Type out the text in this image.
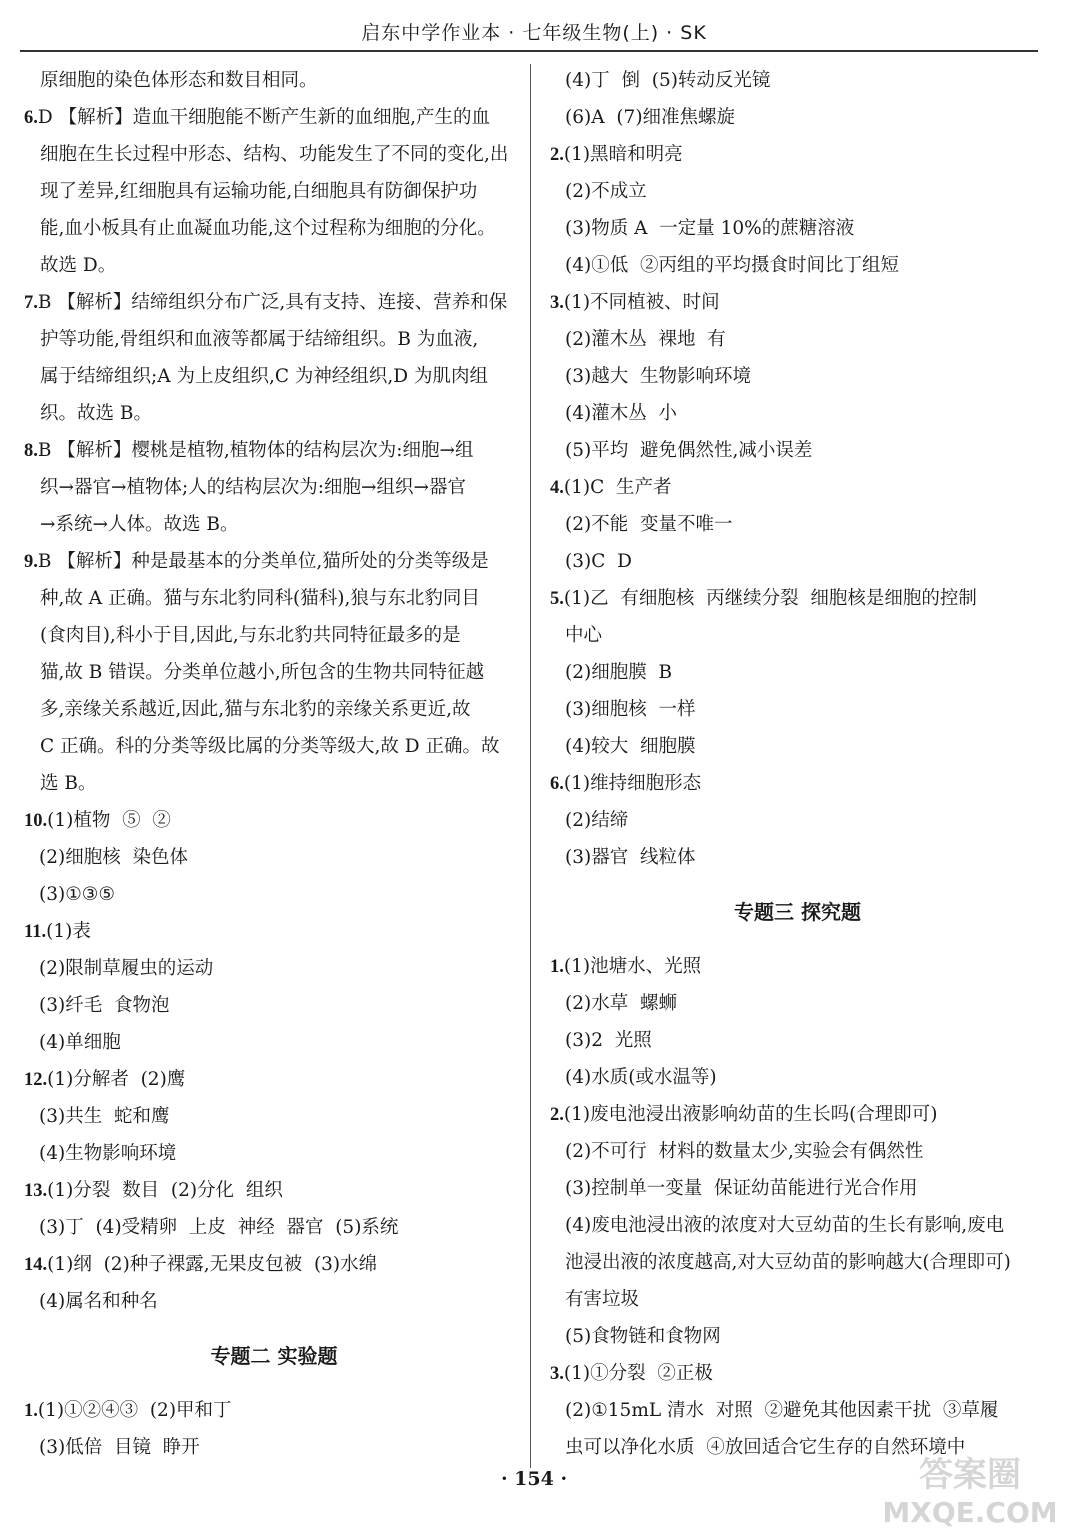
启东中学作业本 · 七年级生物(上) · SK
原细胞的染色体形态和数目相同。
6.D 【解析】造血干细胞能不断产生新的血细胞,产生的血
细胞在生长过程中形态、结构、功能发生了不同的变化,出
现了差异,红细胞具有运输功能,白细胞具有防御保护功
能,血小板具有止血凝血功能,这个过程称为细胞的分化。
故选 D。
7.B 【解析】结缔组织分布广泛,具有支持、连接、营养和保
护等功能,骨组织和血液等都属于结缔组织。B 为血液,
属于结缔组织;A 为上皮组织,C 为神经组织,D 为肌肉组
织。故选 B。
8.B 【解析】樱桃是植物,植物体的结构层次为:细胞→组
织→器官→植物体;人的结构层次为:细胞→组织→器官
→系统→人体。故选 B。
9.B 【解析】种是最基本的分类单位,猫所处的分类等级是
种,故 A 正确。猫与东北豹同科(猫科),狼与东北豹同目
(食肉目),科小于目,因此,与东北豹共同特征最多的是
猫,故 B 错误。分类单位越小,所包含的生物共同特征越
多,亲缘关系越近,因此,猫与东北豹的亲缘关系更近,故
C 正确。科的分类等级比属的分类等级大,故 D 正确。故
选 B。
10.(1)植物  ⑤  ②
(2)细胞核  染色体
(3)①③⑤
11.(1)表
(2)限制草履虫的运动
(3)纤毛  食物泡
(4)单细胞
12.(1)分解者  (2)鹰
(3)共生  蛇和鹰
(4)生物影响环境
13.(1)分裂  数目  (2)分化  组织
(3)丁  (4)受精卵  上皮  神经  器官  (5)系统
14.(1)纲  (2)种子裸露,无果皮包被  (3)水绵
(4)属名和种名
专题二 实验题
1.(1)①②④③  (2)甲和丁
(3)低倍  目镜  睁开
(4)丁  倒  (5)转动反光镜
(6)A  (7)细准焦螺旋
2.(1)黑暗和明亮
(2)不成立
(3)物质 A  一定量 10%的蔗糖溶液
(4)①低  ②丙组的平均摄食时间比丁组短
3.(1)不同植被、时间
(2)灌木丛  裸地  有
(3)越大  生物影响环境
(4)灌木丛  小
(5)平均  避免偶然性,减小误差
4.(1)C  生产者
(2)不能  变量不唯一
(3)C  D
5.(1)乙  有细胞核  丙继续分裂  细胞核是细胞的控制
中心
(2)细胞膜  B
(3)细胞核  一样
(4)较大  细胞膜
6.(1)维持细胞形态
(2)结缔
(3)器官  线粒体
专题三 探究题
1.(1)池塘水、光照
(2)水草  螺蛳
(3)2  光照
(4)水质(或水温等)
2.(1)废电池浸出液影响幼苗的生长吗(合理即可)
(2)不可行  材料的数量太少,实验会有偶然性
(3)控制单一变量  保证幼苗能进行光合作用
(4)废电池浸出液的浓度对大豆幼苗的生长有影响,废电
池浸出液的浓度越高,对大豆幼苗的影响越大(合理即可)
有害垃圾
(5)食物链和食物网
3.(1)①分裂  ②正极
(2)①15mL 清水  对照  ②避免其他因素干扰  ③草履
虫可以净化水质  ④放回适合它生存的自然环境中
· 154 ·	答案圈
MXQE.COM
